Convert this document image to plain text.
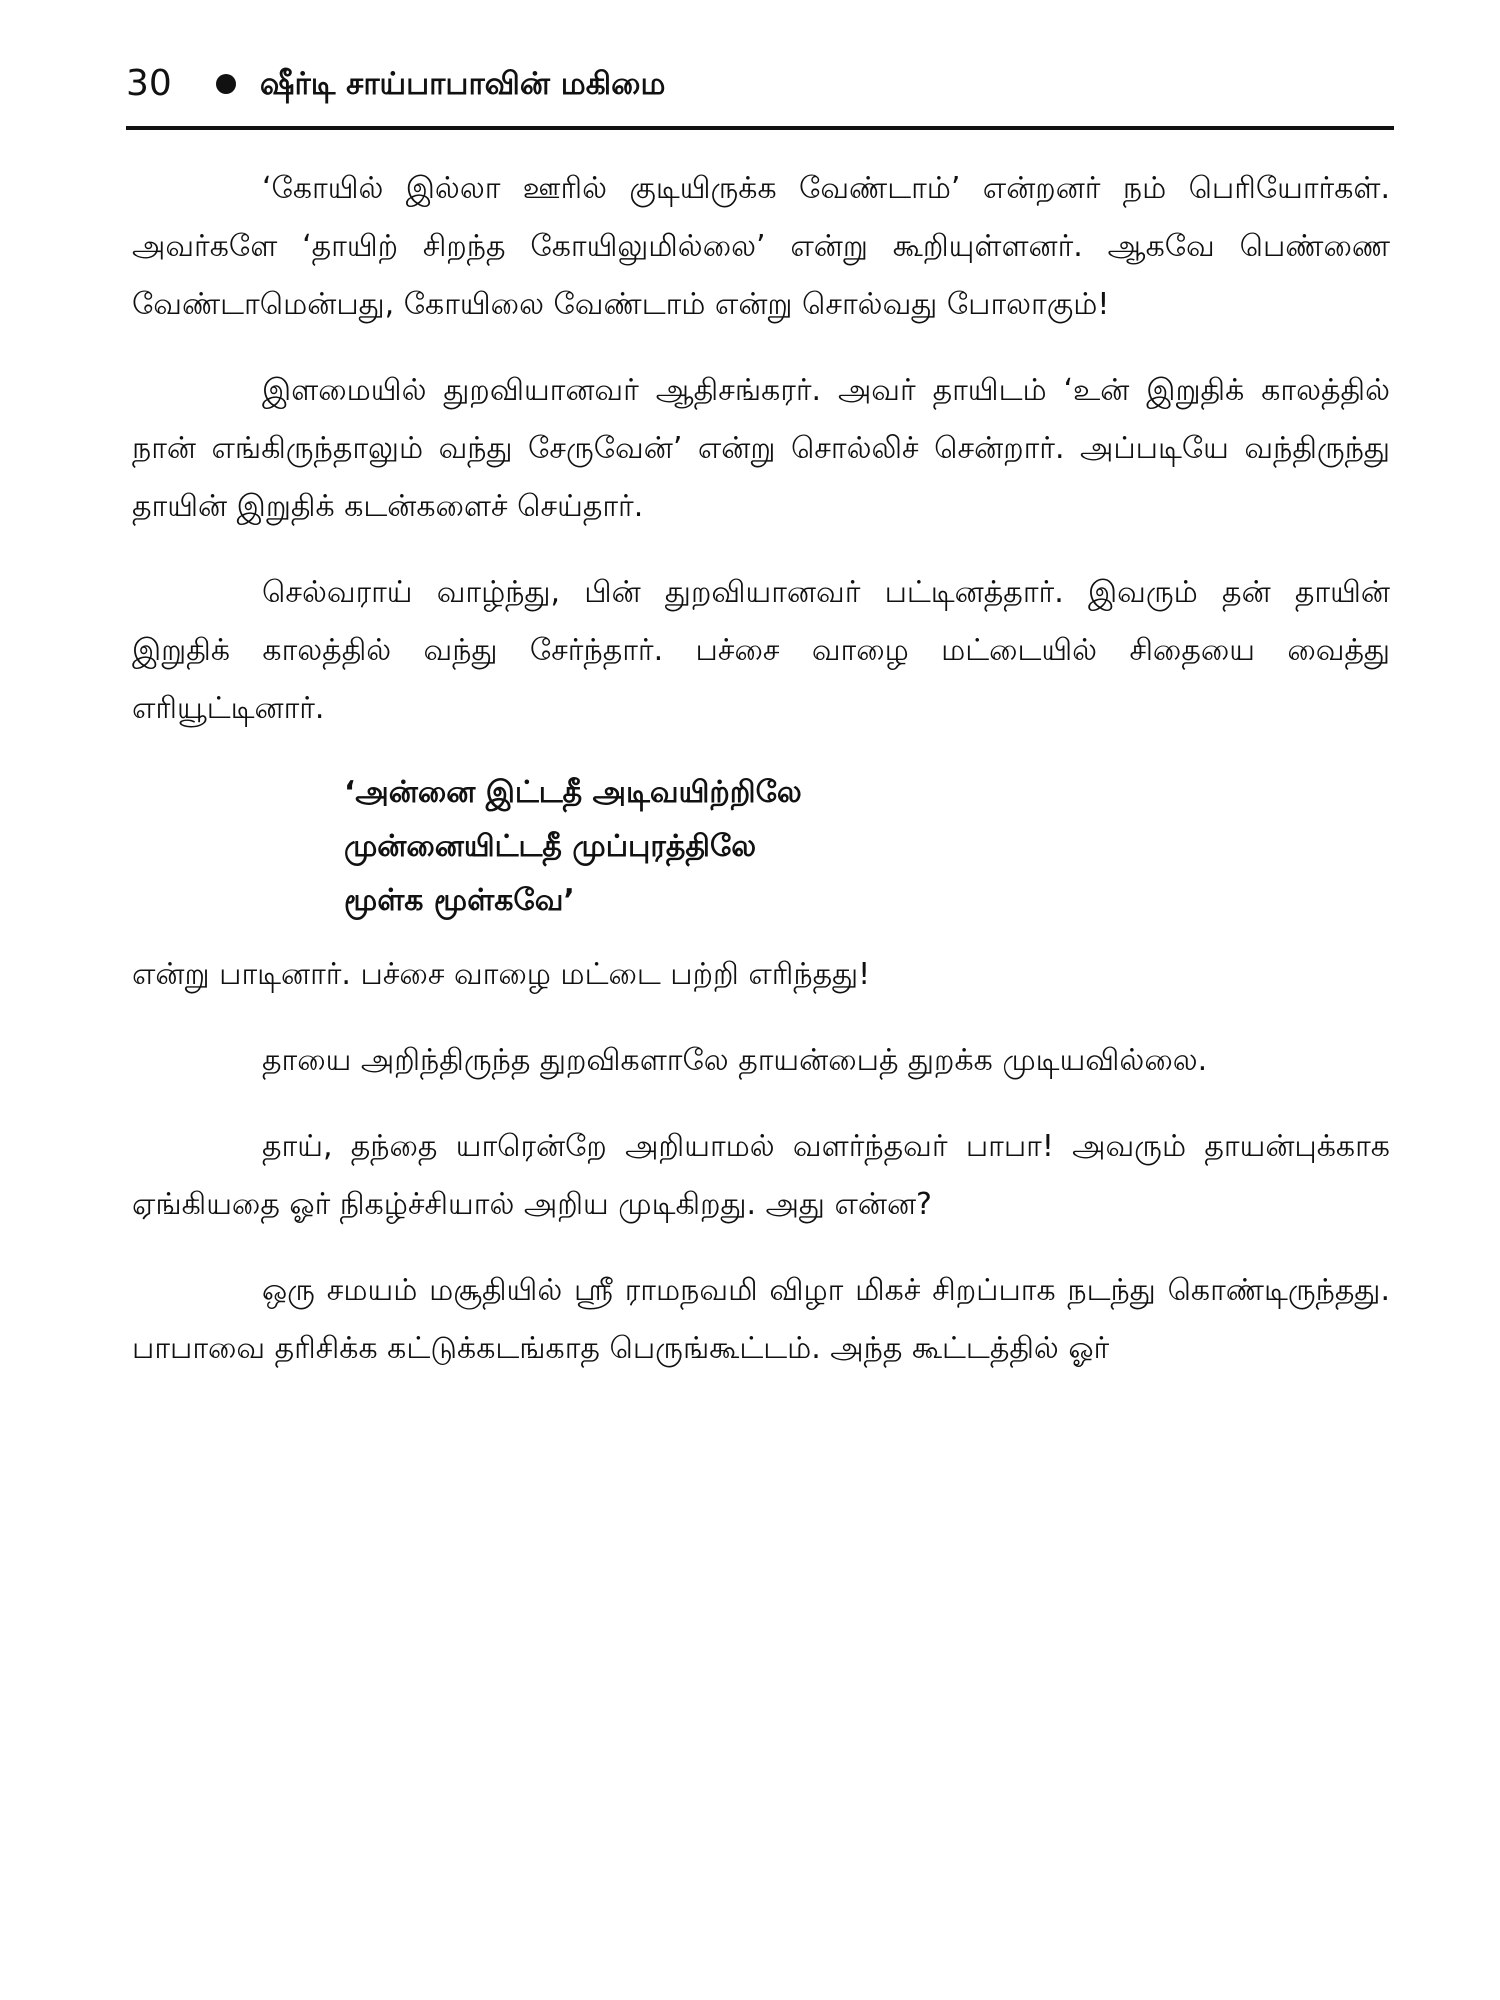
30	ஷீர்டி சாய்பாபாவின் மகிமை

‘கோயில் இல்லா ஊரில் குடியிருக்க வேண்டாம்’ என்றனர் நம் பெரியோர்கள். அவர்களே ‘தாயிற் சிறந்த கோயிலுமில்லை’ என்று கூறியுள்ளனர். ஆகவே பெண்ணை வேண்டாமென்பது, கோயிலை வேண்டாம் என்று சொல்வது போலாகும்!

இளமையில் துறவியானவர் ஆதிசங்கரர். அவர் தாயிடம் ‘உன் இறுதிக் காலத்தில் நான் எங்கிருந்தாலும் வந்து சேருவேன்’ என்று சொல்லிச் சென்றார். அப்படியே வந்திருந்து தாயின் இறுதிக் கடன்களைச் செய்தார்.

செல்வராய் வாழ்ந்து, பின் துறவியானவர் பட்டினத்தார். இவரும் தன் தாயின் இறுதிக் காலத்தில் வந்து சேர்ந்தார். பச்சை வாழை மட்டையில் சிதையை வைத்து எரியூட்டினார்.

‘அன்னை இட்டதீ அடிவயிற்றிலே
முன்னையிட்டதீ முப்புரத்திலே
மூள்க மூள்கவே’

என்று பாடினார். பச்சை வாழை மட்டை பற்றி எரிந்தது!

தாயை அறிந்திருந்த துறவிகளாலே தாயன்பைத் துறக்க முடியவில்லை.

தாய், தந்தை யாரென்றே அறியாமல் வளர்ந்தவர் பாபா! அவரும் தாயன்புக்காக ஏங்கியதை ஓர் நிகழ்ச்சியால் அறிய முடிகிறது. அது என்ன?

ஒரு சமயம் மசூதியில் ஸ்ரீ ராமநவமி விழா மிகச் சிறப்பாக நடந்து கொண்டிருந்தது. பாபாவை தரிசிக்க கட்டுக்கடங்காத பெருங்கூட்டம். அந்த கூட்டத்தில் ஓர்
